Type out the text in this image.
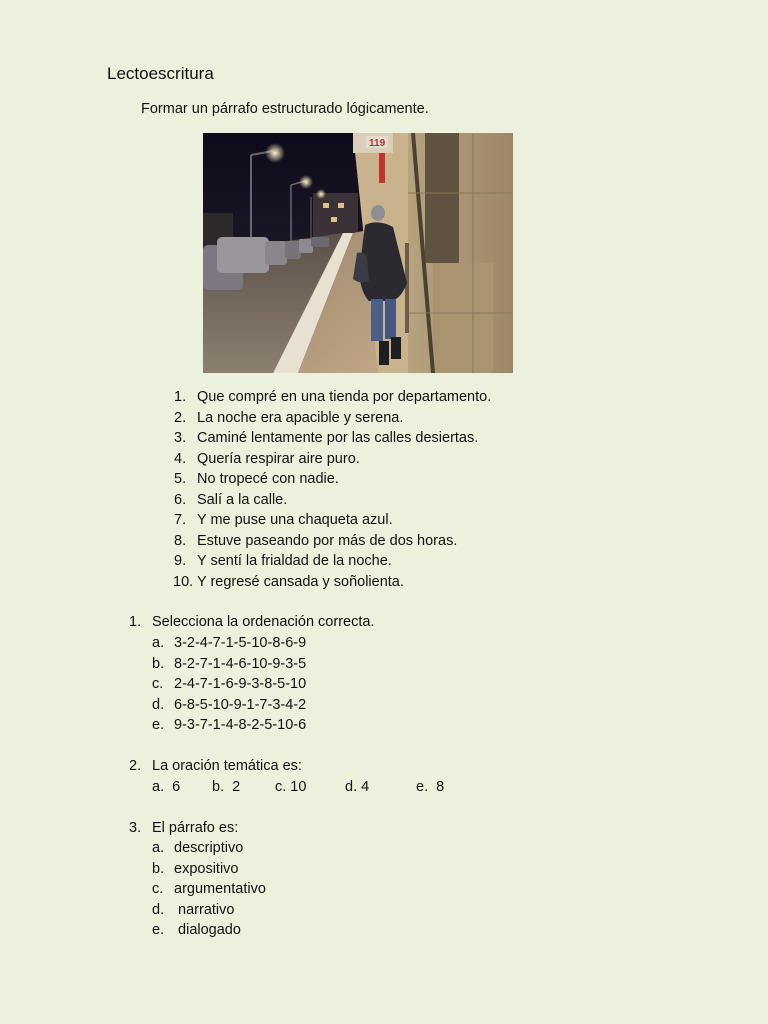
Lectoescritura
Formar un párrafo estructurado lógicamente.
119
1. Que compré en una tienda por departamento.
2. La noche era apacible y serena.
3. Caminé lentamente por las calles desiertas.
4. Quería respirar aire puro.
5. No tropecé con nadie.
6. Salí a la calle.
7. Y me puse una chaqueta azul.
8. Estuve paseando por más de dos horas.
9. Y sentí la frialdad de la noche.
10. Y regresé cansada y soñolienta.
1. Selecciona la ordenación correcta.
a. 3-2-4-7-1-5-10-8-6-9
b. 8-2-7-1-4-6-10-9-3-5
c. 2-4-7-1-6-9-3-8-5-10
d. 6-8-5-10-9-1-7-3-4-2
e. 9-3-7-1-4-8-2-5-10-6
2. La oración temática es:
a.  6 b.  2 c. 10	d. 4	e.  8
3. El párrafo es:
a. descriptivo
b. expositivo
c. argumentativo
d. narrativo
e. dialogado
